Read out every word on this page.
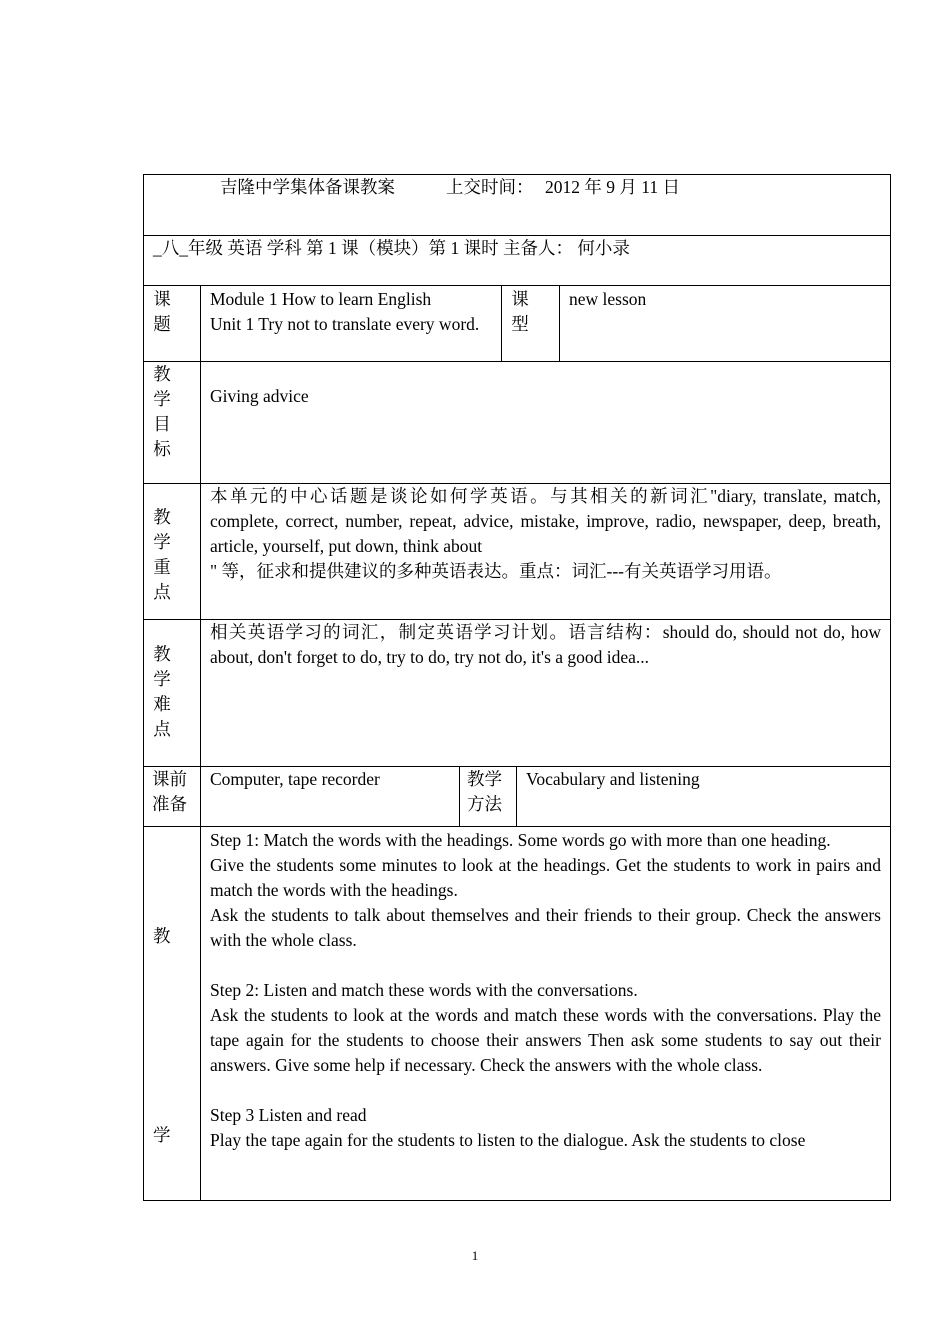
吉隆中学集体备课教案	上交时间： 2012 年 9 月 11 日
_八_年级 英语 学科 第 1 课（模块）第 1 课时 主备人： 何小录
课
题

Module 1 How to learn English

Unit 1 Try not to translate every word.

课
型
new lesson
教
学
目
标
Giving advice
教
学
重
点

本单元的中心话题是谈论如何学英语。与其相关的新词汇"diary, translate, match, complete, correct, number, repeat, advice, mistake, improve, radio, newspaper, deep, breath, article, yourself, put down, think about

" 等，征求和提供建议的多种英语表达。重点：词汇---有关英语学习用语。

教
学
难
点

相关英语学习的词汇，制定英语学习计划。语言结构：should do, should not do, how about, don't forget to do, try to do, try not do, it's a good idea...

课前
准备
Computer, tape recorder	教学
方法
Vocabulary and listening
教
学

Step 1: Match the words with the headings. Some words go with more than one heading.

Give the students some minutes to look at the headings. Get the students to work in pairs and match the words with the headings.

Ask the students to talk about themselves and their friends to their group. Check the answers with the whole class.

Step 2: Listen and match these words with the conversations.

Ask the students to look at the words and match these words with the conversations. Play the tape again for the students to choose their answers Then ask some students to say out their answers. Give some help if necessary. Check the answers with the whole class.

Step 3 Listen and read

Play the tape again for the students to listen to the dialogue. Ask the students to close

1
